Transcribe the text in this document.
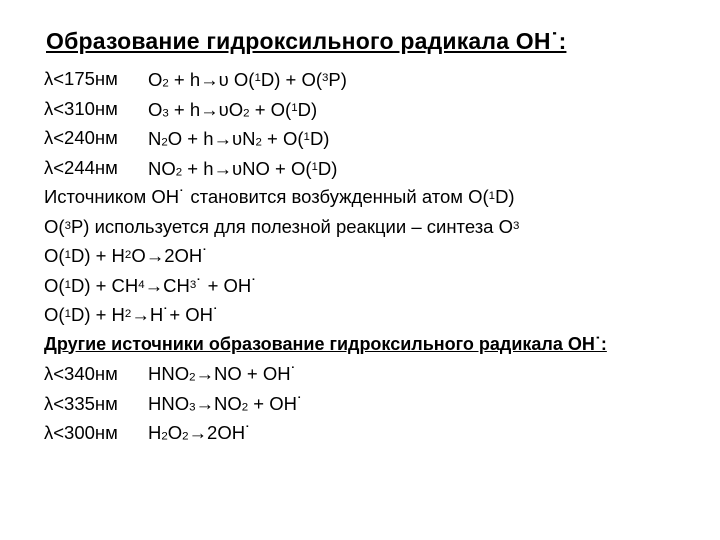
Образование гидроксильного радикала OH˙:
λ<175нм	$O_2 + h\to\upsilon$ O($^1$D) + O($^3$P)
λ<310нм	$O_3 + h\to\upsilon O_2 + O(^1D)$
λ<240нм	$N_2O + h\to\upsilon N_2 + O(^1D)$
λ<244нм	$NO_2 + h\to\upsilon NO + O(^1D)$
Источником OH˙ становится возбужденный атом O( 1 D)
O( 3 P) используется для полезной реакции – синтеза O 3
O( 1 D) + H 2 O→2OH˙
O( 1 D) + CH 4 →CH 3 ˙ + OH˙
O( 1 D) + H 2 →H˙+ OH˙
Другие источники образование гидроксильного радикала OH˙:
λ<340нм	$HNO_2\to NO$ + OH˙
λ<335нм	$HNO_3\to NO_2$ + OH˙
λ<300нм	$H_2O_2\to 2OH˙$
